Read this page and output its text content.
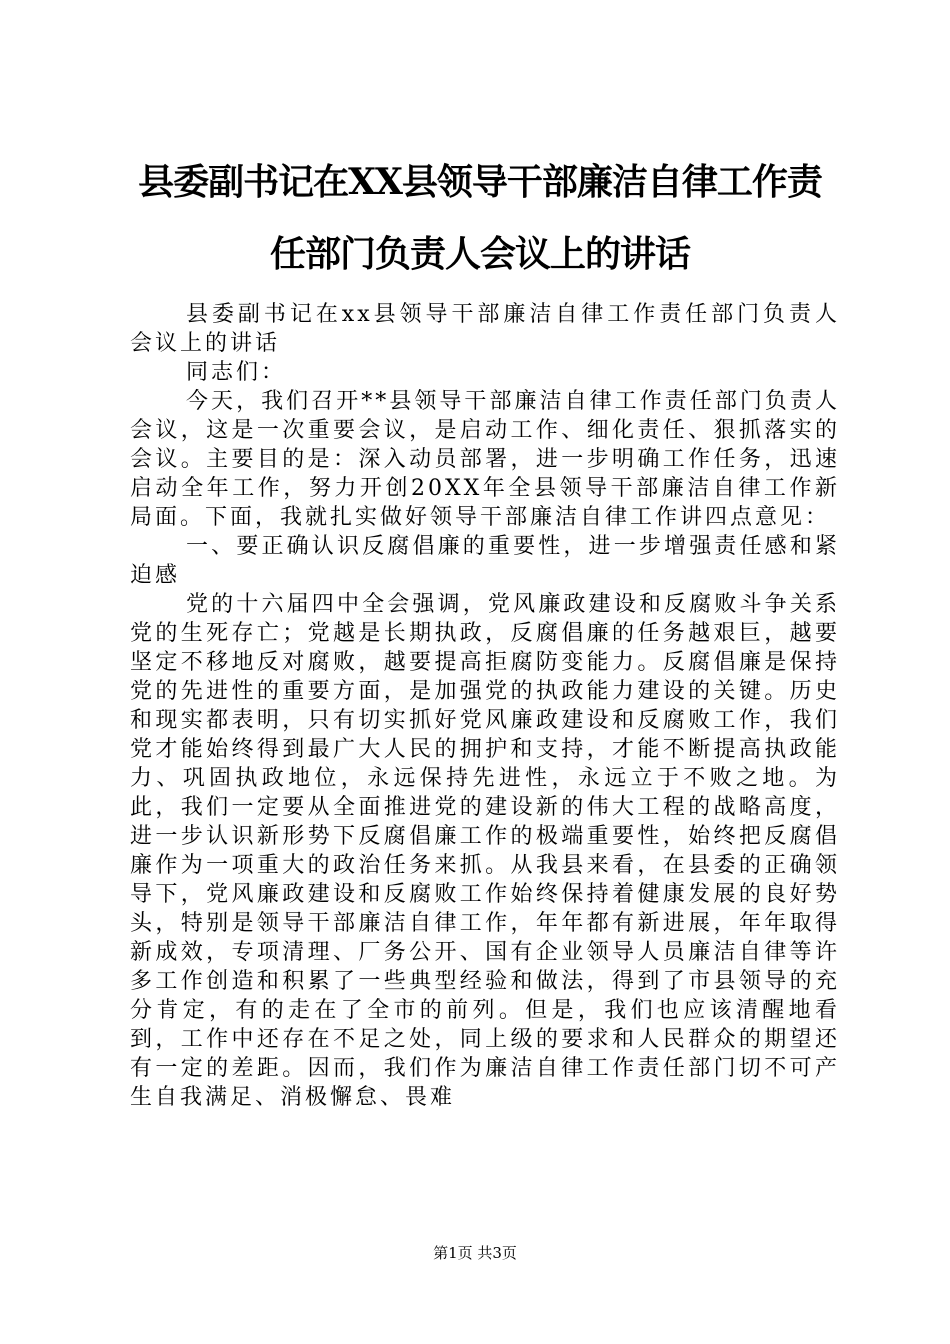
县委副书记在XX县领导干部廉洁自律工作责
任部门负责人会议上的讲话

县委副书记在xx县领导干部廉洁自律工作责任部门负责人会议上的讲话

同志们：

今天，我们召开**县领导干部廉洁自律工作责任部门负责人会议，这是一次重要会议，是启动工作、细化责任、狠抓落实的会议。主要目的是：深入动员部署，进一步明确工作任务，迅速启动全年工作，努力开创20XX年全县领导干部廉洁自律工作新局面。下面，我就扎实做好领导干部廉洁自律工作讲四点意见：

一、要正确认识反腐倡廉的重要性，进一步增强责任感和紧迫感

党的十六届四中全会强调，党风廉政建设和反腐败斗争关系党的生死存亡；党越是长期执政，反腐倡廉的任务越艰巨，越要坚定不移地反对腐败，越要提高拒腐防变能力。反腐倡廉是保持党的先进性的重要方面，是加强党的执政能力建设的关键。历史和现实都表明，只有切实抓好党风廉政建设和反腐败工作，我们党才能始终得到最广大人民的拥护和支持，才能不断提高执政能力、巩固执政地位，永远保持先进性，永远立于不败之地。为此，我们一定要从全面推进党的建设新的伟大工程的战略高度，进一步认识新形势下反腐倡廉工作的极端重要性，始终把反腐倡廉作为一项重大的政治任务来抓。从我县来看，在县委的正确领导下，党风廉政建设和反腐败工作始终保持着健康发展的良好势头，特别是领导干部廉洁自律工作，年年都有新进展，年年取得新成效，专项清理、厂务公开、国有企业领导人员廉洁自律等许多工作创造和积累了一些典型经验和做法，得到了市县领导的充分肯定，有的走在了全市的前列。但是，我们也应该清醒地看到，工作中还存在不足之处，同上级的要求和人民群众的期望还有一定的差距。因而，我们作为廉洁自律工作责任部门切不可产生自我满足、消极懈怠、畏难

第1页 共3页
